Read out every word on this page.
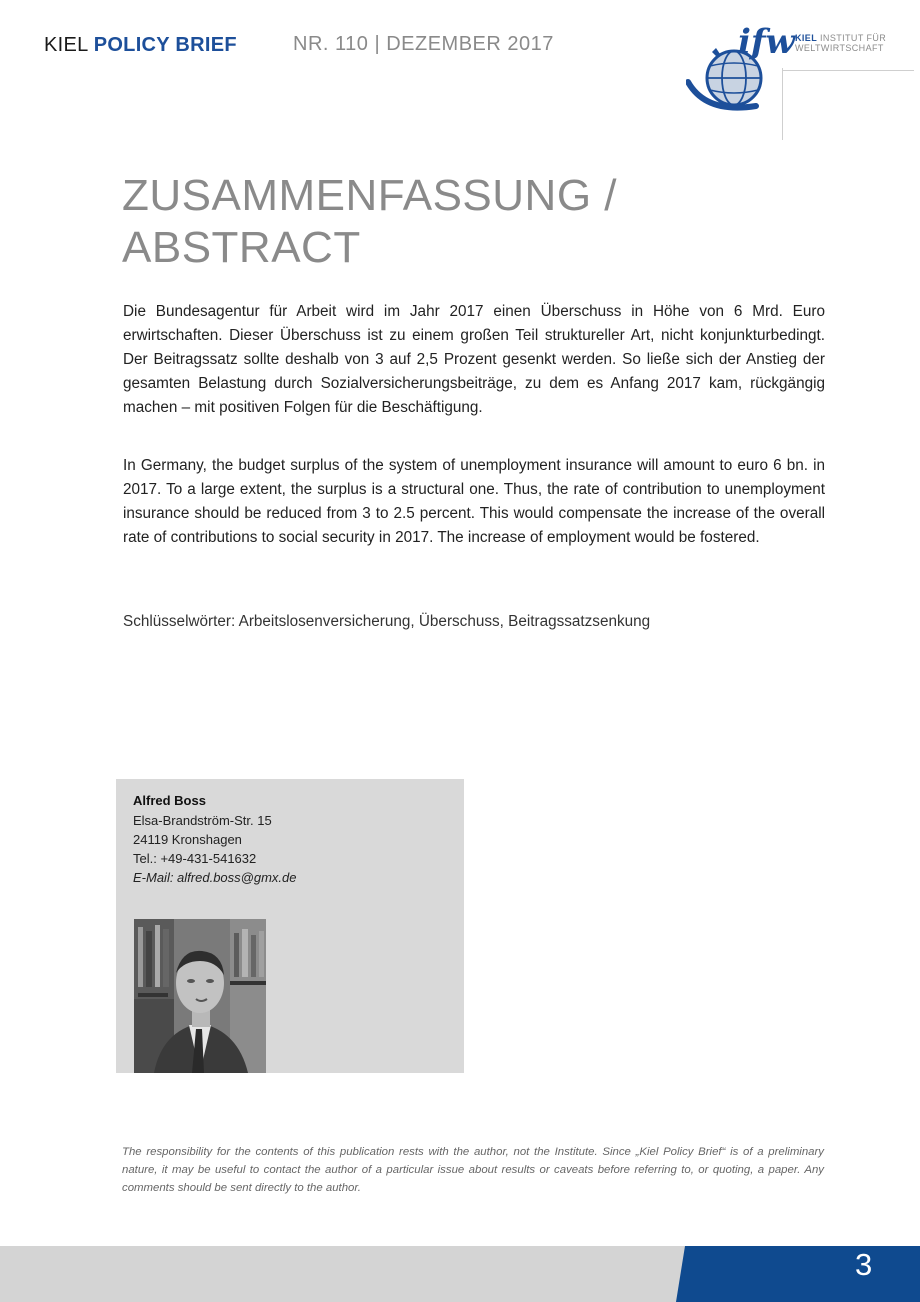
KIEL POLICY BRIEF	NR. 110 | DEZEMBER 2017	ifw KIEL INSTITUT FÜR
WELTWIRTSCHAFT
ZUSAMMENFASSUNG /
ABSTRACT

Die Bundesagentur für Arbeit wird im Jahr 2017 einen Überschuss in Höhe von 6 Mrd. Euro erwirtschaften. Dieser Überschuss ist zu einem großen Teil struktureller Art, nicht konjunkturbedingt. Der Beitragssatz sollte deshalb von 3 auf 2,5 Prozent gesenkt werden. So ließe sich der Anstieg der gesamten Belastung durch Sozialversicherungsbeiträge, zu dem es Anfang 2017 kam, rückgängig machen – mit positiven Folgen für die Beschäftigung.

In Germany, the budget surplus of the system of unemployment insurance will amount to euro 6 bn. in 2017. To a large extent, the surplus is a structural one. Thus, the rate of contribution to unemployment insurance should be reduced from 3 to 2.5 percent. This would compensate the increase of the overall rate of contributions to social security in 2017. The increase of employment would be fostered.

Schlüsselwörter: Arbeitslosenversicherung, Überschuss, Beitragssatzsenkung
Alfred Boss
Elsa-Brandström-Str. 15
24119 Kronshagen
Tel.: +49-431-541632
E-Mail: alfred.boss@gmx.de

The responsibility for the contents of this publication rests with the author, not the Institute. Since „Kiel Policy Brief“ is of a preliminary nature, it may be useful to contact the author of a particular issue about results or caveats before referring to, or quoting, a paper. Any comments should be sent directly to the author.

3
